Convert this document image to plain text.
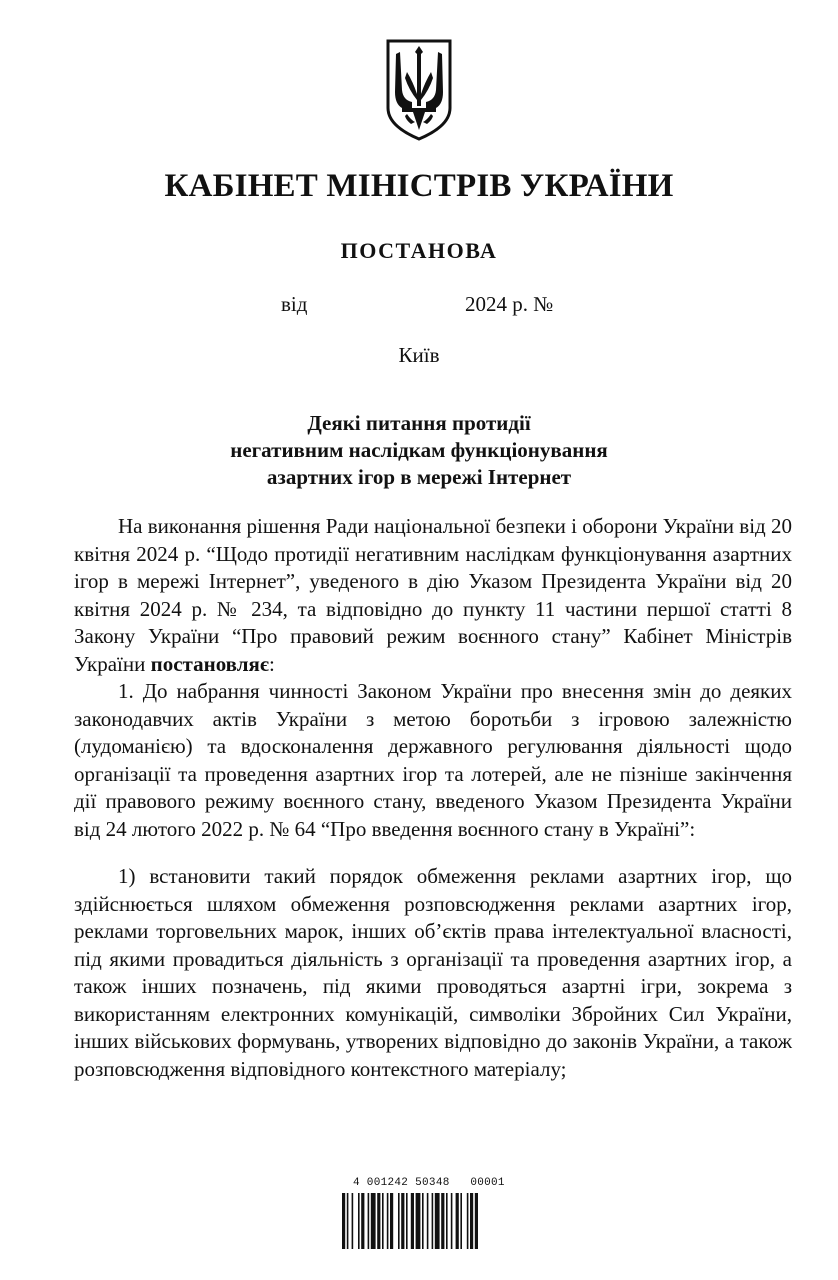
КАБІНЕТ МІНІСТРІВ УКРАЇНИ
ПОСТАНОВА
від	2024 р. №
Київ
Деякі питання протидії
негативним наслідкам функціонування
азартних ігор в мережі Інтернет

На виконання рішення Ради національної безпеки і оборони України від 20 квітня 2024 р. “Щодо протидії негативним наслідкам функціонування азартних ігор в мережі Інтернет”, уведеного в дію Указом Президента України від 20 квітня 2024 р. № 234, та відповідно до пункту 11 частини першої статті 8 Закону України “Про правовий режим воєнного стану” Кабінет Міністрів України постановляє:

1. До набрання чинності Законом України про внесення змін до деяких законодавчих актів України з метою боротьби з ігровою залежністю (лудоманією) та вдосконалення державного регулювання діяльності щодо організації та проведення азартних ігор та лотерей, але не пізніше закінчення дії правового режиму воєнного стану, введеного Указом Президента України від 24 лютого 2022 р. № 64 “Про введення воєнного стану в Україні”:

1) встановити такий порядок обмеження реклами азартних ігор, що здійснюється шляхом обмеження розповсюдження реклами азартних ігор, реклами торговельних марок, інших об’єктів права інтелектуальної власності, під якими провадиться діяльність з організації та проведення азартних ігор, а також інших позначень, під якими проводяться азартні ігри, зокрема з використанням електронних комунікацій, символіки Збройних Сил України, інших військових формувань, утворених відповідно до законів України, а також розповсюдження відповідного контекстного матеріалу;

4 001242 50348   00001
